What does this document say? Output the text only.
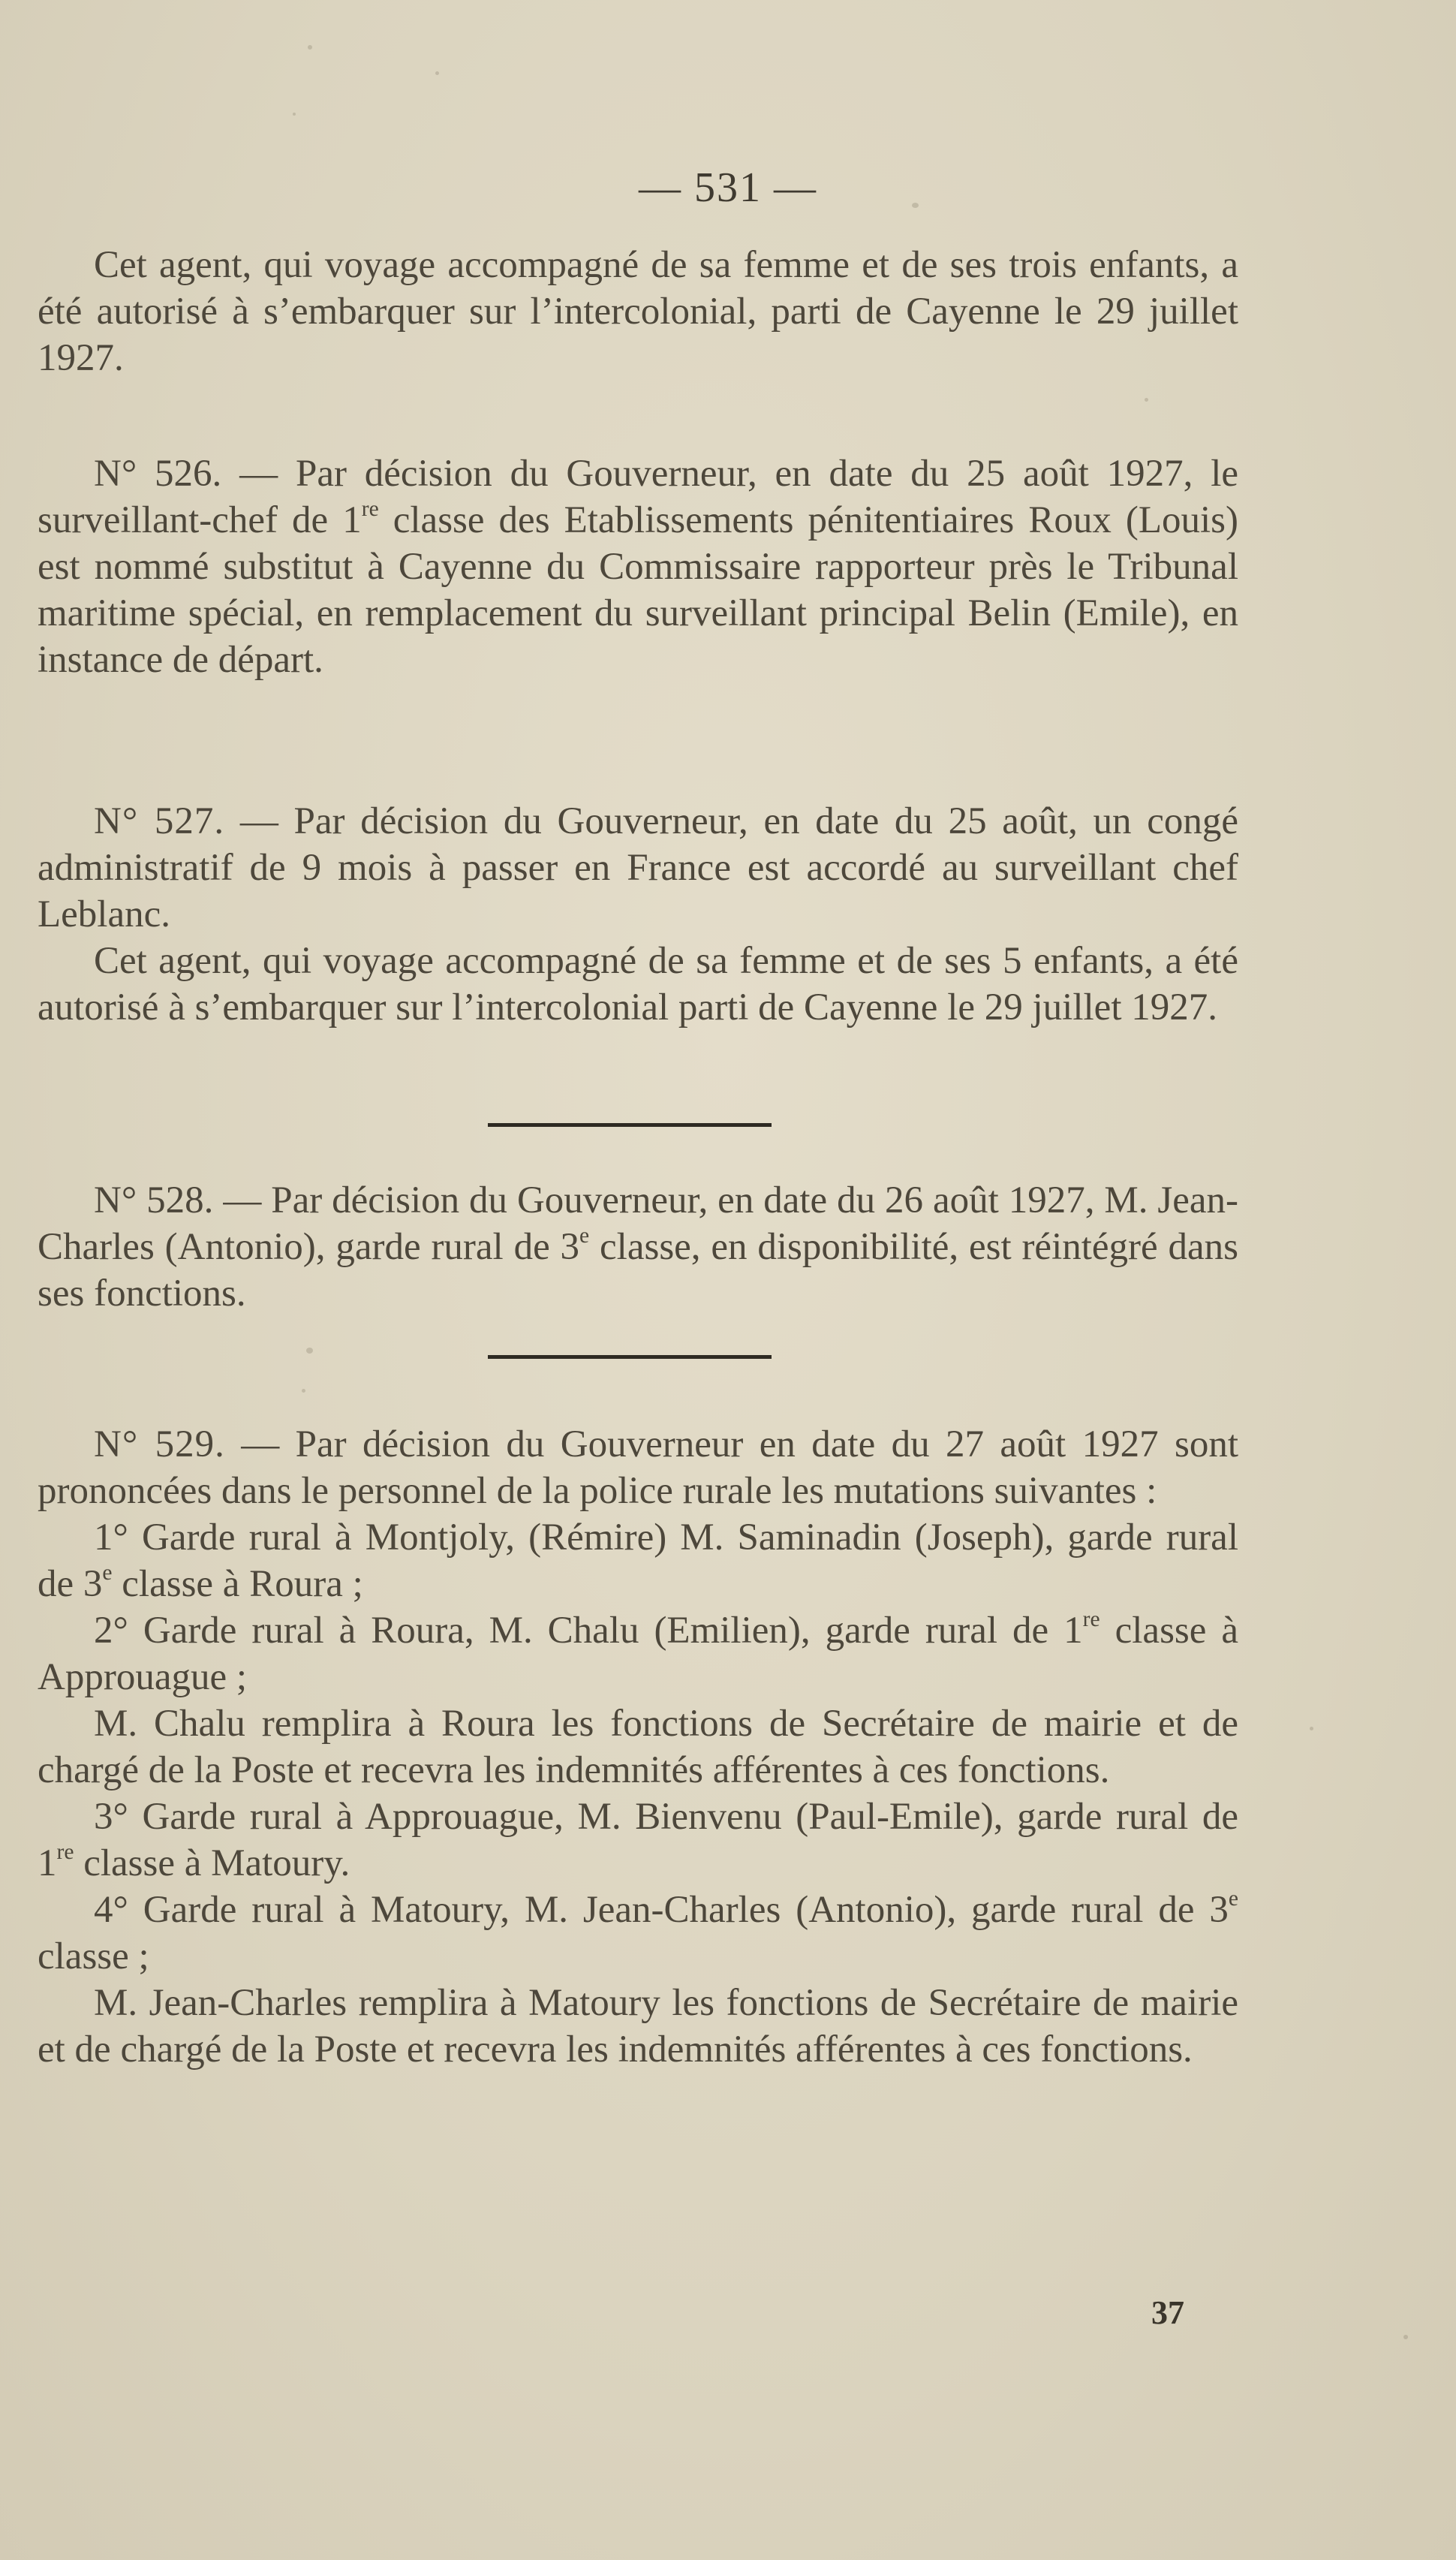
— 531 —

Cet agent, qui voyage accompagné de sa femme et de ses trois enfants, a été autorisé à s’embarquer sur l’intercolonial, parti de Cayenne le 29 juillet 1927.

N° 526. — Par décision du Gouverneur, en date du 25 août 1927, le surveillant-chef de 1re classe des Etablissements pénitentiaires Roux (Louis) est nommé substitut à Cayenne du Commissaire rapporteur près le Tribunal maritime spécial, en remplacement du surveillant principal Belin (Emile), en instance de départ.

N° 527. — Par décision du Gouverneur, en date du 25 août, un congé administratif de 9 mois à passer en France est accordé au surveillant chef Leblanc.

Cet agent, qui voyage accompagné de sa femme et de ses 5 enfants, a été autorisé à s’embarquer sur l’intercolonial parti de Cayenne le 29 juillet 1927.

N° 528. — Par décision du Gouverneur, en date du 26 août 1927, M. Jean-Charles (Antonio), garde rural de 3e classe, en disponibilité, est réintégré dans ses fonctions.

N° 529. — Par décision du Gouverneur en date du 27 août 1927 sont prononcées dans le personnel de la police rurale les mutations suivantes :

1° Garde rural à Montjoly, (Rémire) M. Saminadin (Joseph), garde rural de 3e classe à Roura ;

2° Garde rural à Roura, M. Chalu (Emilien), garde rural de 1re classe à Approuague ;

M. Chalu remplira à Roura les fonctions de Secrétaire de mairie et de chargé de la Poste et recevra les indemnités afférentes à ces fonctions.

3° Garde rural à Approuague, M. Bienvenu (Paul-Emile), garde rural de 1re classe à Matoury.

4° Garde rural à Matoury, M. Jean-Charles (Antonio), garde rural de 3e classe ;

M. Jean-Charles remplira à Matoury les fonctions de Secrétaire de mairie et de chargé de la Poste et recevra les indemnités afférentes à ces fonctions.

37
